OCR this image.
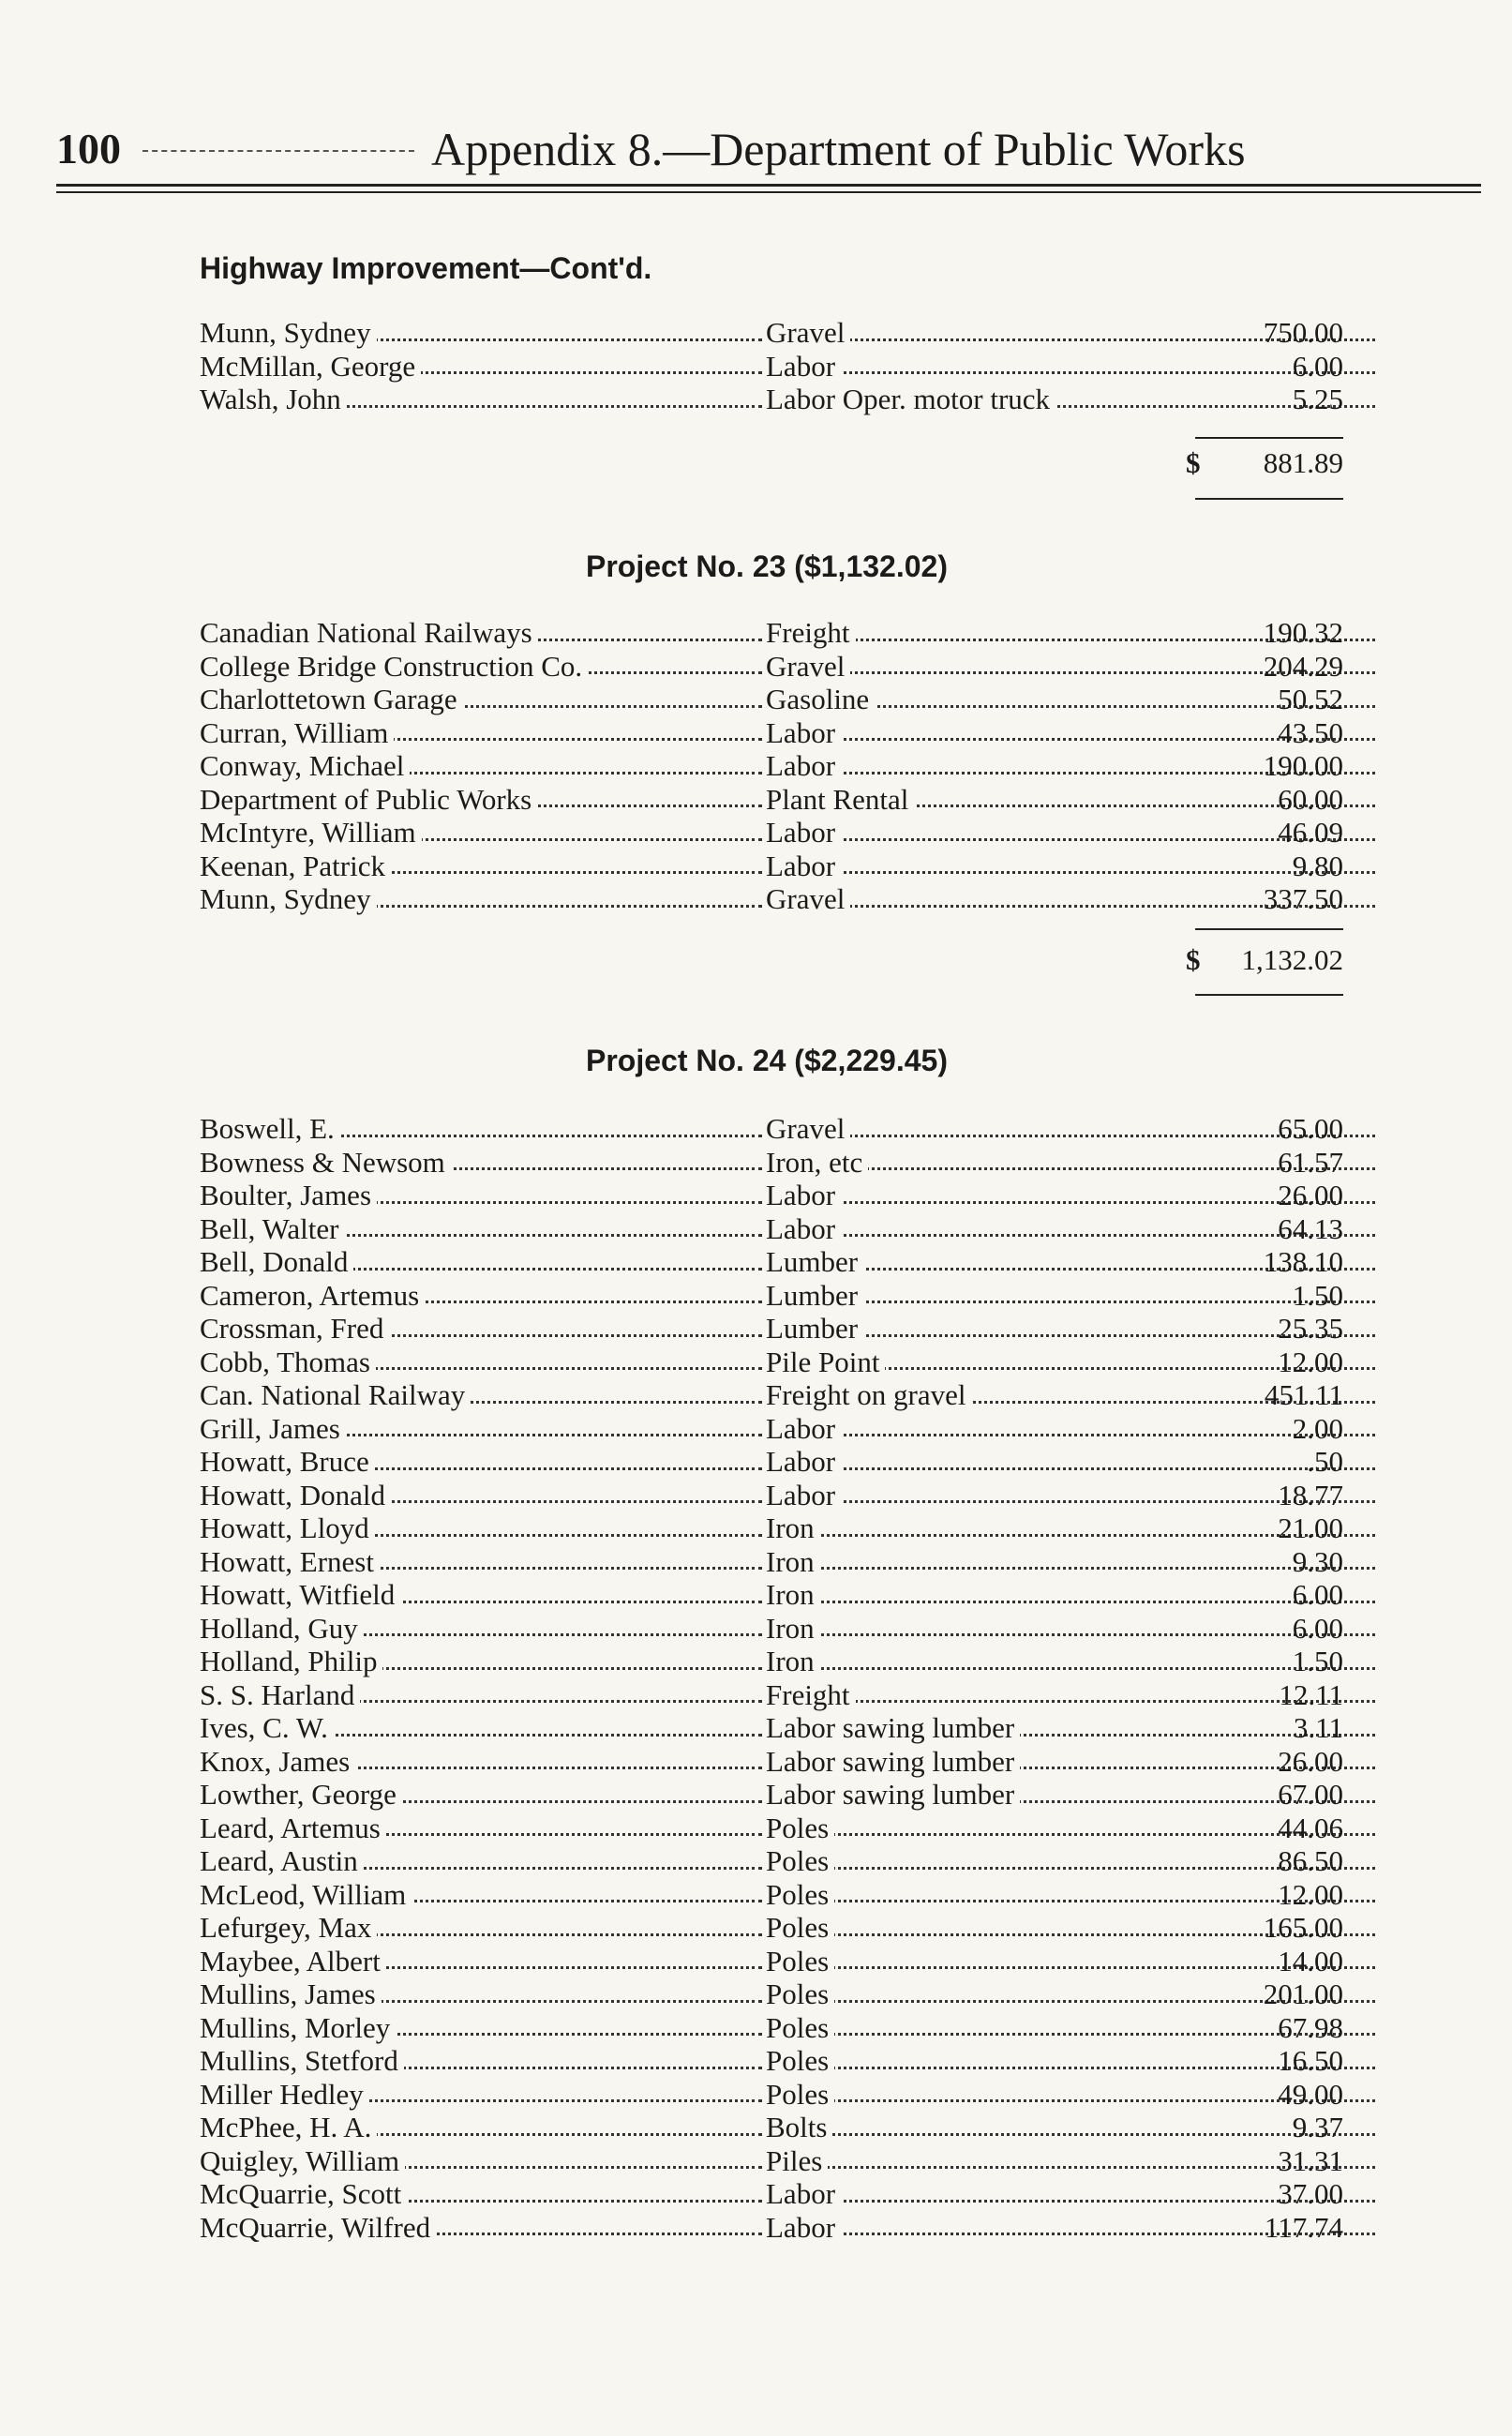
100	Appendix 8.—Department of Public Works
Highway Improvement—Cont'd.
Munn, Sydney	Gravel	750.00
McMillan, George	Labor	6.00
Walsh, John	Labor Oper. motor truck	5.25
$ 881.89
Project No. 23 ($1,132.02)
Canadian National Railways	Freight	190.32
College Bridge Construction Co.	Gravel	204.29
Charlottetown Garage	Gasoline	50.52
Curran, William	Labor	43.50
Conway, Michael	Labor	190.00
Department of Public Works	Plant Rental	60.00
McIntyre, William	Labor	46.09
Keenan, Patrick	Labor	9.80
Munn, Sydney	Gravel	337.50
$ 1,132.02
Project No. 24 ($2,229.45)
Boswell, E.	Gravel	65.00
Bowness & Newsom	Iron, etc	61.57
Boulter, James	Labor	26.00
Bell, Walter	Labor	64.13
Bell, Donald	Lumber	138.10
Cameron, Artemus	Lumber	1.50
Crossman, Fred	Lumber	25.35
Cobb, Thomas	Pile Point	12.00
Can. National Railway	Freight on gravel	451.11
Grill, James	Labor	2.00
Howatt, Bruce	Labor	.50
Howatt, Donald	Labor	18.77
Howatt, Lloyd	Iron	21.00
Howatt, Ernest	Iron	9.30
Howatt, Witfield	Iron	6.00
Holland, Guy	Iron	6.00
Holland, Philip	Iron	1.50
S. S. Harland	Freight	12.11
Ives, C. W.	Labor sawing lumber	3.11
Knox, James	Labor sawing lumber	26.00
Lowther, George	Labor sawing lumber	67.00
Leard, Artemus	Poles	44.06
Leard, Austin	Poles	86.50
McLeod, William	Poles	12.00
Lefurgey, Max	Poles	165.00
Maybee, Albert	Poles	14.00
Mullins, James	Poles	201.00
Mullins, Morley	Poles	67.98
Mullins, Stetford	Poles	16.50
Miller Hedley	Poles	49.00
McPhee, H. A.	Bolts	9.37
Quigley, William	Piles	31.31
McQuarrie, Scott	Labor	37.00
McQuarrie, Wilfred	Labor	117.74
